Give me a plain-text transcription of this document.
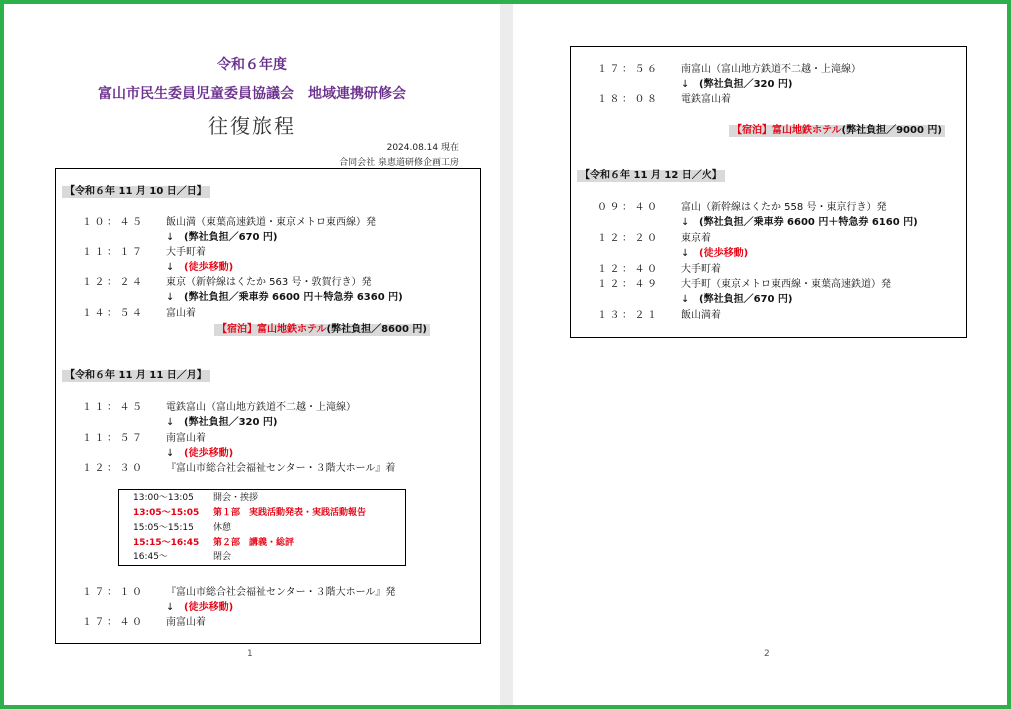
令和６年度
富山市民生委員児童委員協議会　地域連携研修会
往復旅程
2024.08.14 現在
合同会社 泉恵道研修企画工房
【令和６年 11 月 10 日／日】
１０：４５ 飯山満（東葉高速鉄道・東京メトロ東西線）発
↓ (弊社負担／670 円)
１１：１７ 大手町着
↓ (徒歩移動)
１２：２４ 東京（新幹線はくたか 563 号・敦賀行き）発
↓ (弊社負担／乗車券 6600 円＋特急券 6360 円)
１４：５４ 富山着
【宿泊】富山地鉄ホテル(弊社負担／8600 円)
【令和６年 11 月 11 日／月】
１１：４５ 電鉄富山（富山地方鉄道不二越・上滝線）
↓ (弊社負担／320 円)
１１：５７ 南富山着
↓ (徒歩移動)
１２：３０ 『富山市総合社会福祉センター・３階大ホール』着
13:00～13:05 開会・挨拶
13:05～15:05 第１部　実践活動発表・実践活動報告
15:05～15:15 休憩
15:15～16:45 第２部　講義・総評
16:45～	閉会
１７：１０ 『富山市総合社会福祉センター・３階大ホール』発
↓ (徒歩移動)
１７：４０ 南富山着
1
１７：５６ 南富山（富山地方鉄道不二越・上滝線）
↓ (弊社負担／320 円)
１８：０８ 電鉄富山着
【宿泊】富山地鉄ホテル(弊社負担／9000 円)
【令和６年 11 月 12 日／火】
０９：４０ 富山（新幹線はくたか 558 号・東京行き）発
↓ (弊社負担／乗車券 6600 円＋特急券 6160 円)
１２：２０ 東京着
↓ (徒歩移動)
１２：４０ 大手町着
１２：４９ 大手町（東京メトロ東西線・東葉高速鉄道）発
↓ (弊社負担／670 円)
１３：２１ 飯山満着
2
